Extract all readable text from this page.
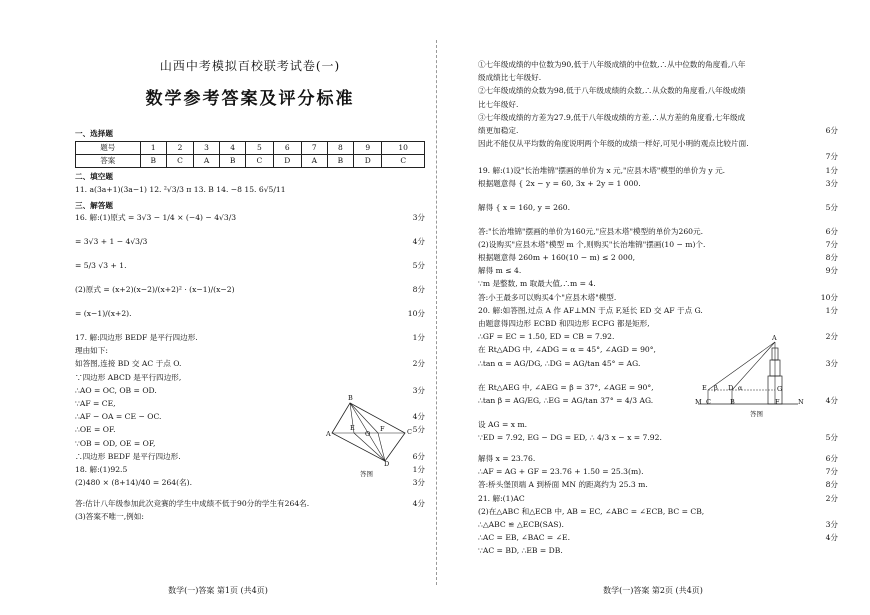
山西中考模拟百校联考试卷(一)
数学参考答案及评分标准
一、选择题
题号	1	2	3	4	5	6	7	8	9	10
答案	B	C	A	B	C	D	A	B	D	C
二、填空题
11. a(3a+1)(3a−1) 12. ²√3/3 π 13. B 14. −8 15. 6√5/11
三、解答题
16. 解:(1)原式 = 3√3 − 1/4 × (−4) − 4√3/3	3分
= 3√3 + 1 − 4√3/3	4分
= 5/3 √3 + 1.	5分
(2)原式 = (x+2)(x−2)/(x+2)² · (x−1)/(x−2)	8分
= (x−1)/(x+2).	10分
17. 解:四边形 BEDF 是平行四边形.	1分
理由如下:
如答图,连接 BD 交 AC 于点 O.	2分
∵四边形 ABCD 是平行四边形,
∴AO = OC, OB = OD.	3分
∵AF = CE,
∴AF − OA = CE − OC.	4分
∴OE = OF.	5分
∵OB = OD, OE = OF,
∴四边形 BEDF 是平行四边形.	6分
18. 解:(1)92.5	1分
(2)480 × (8+14)/40 = 264(名).	3分
答:估计八年级参加此次竞赛的学生中成绩不低于90分的学生有264名.	4分
(3)答案不唯一,例如:
B
A	C
D
E	F
O
答图
数学(一)答案 第1页 (共4页)
①七年级成绩的中位数为90,低于八年级成绩的中位数,∴从中位数的角度看,八年
级成绩比七年级好.
②七年级成绩的众数为98,低于八年级成绩的众数,∴从众数的角度看,八年级成绩
比七年级好.
③七年级成绩的方差为27.9,低于八年级成绩的方差,∴从方差的角度看,七年级成
绩更加稳定.	6分
因此不能仅从平均数的角度说明两个年级的成绩一样好,可见小明的观点比较片面.
7分
19. 解:(1)设"长治堆锦"摆画的单价为 x 元,"应县木塔"模型的单价为 y 元.	1分
根据题意得 { 2x − y = 60, 3x + 2y = 1 000.	3分
解得 { x = 160, y = 260.	5分
答:"长治堆锦"摆画的单价为160元,"应县木塔"模型的单价为260元.	6分
(2)设购买"应县木塔"模型 m 个,则购买"长治堆锦"摆画(10 − m)个.	7分
根据题意得 260m + 160(10 − m) ≤ 2 000,	8分
解得 m ≤ 4.	9分
∵m 是整数, m 取最大值,∴m = 4.
答:小王最多可以购买4个"应县木塔"模型.	10分
20. 解:如答图,过点 A 作 AF⊥MN 于点 F,延长 ED 交 AF 于点 G.	1分
由题意得四边形 ECBD 和四边形 ECFG 都是矩形,
∴GF = EC = 1.50, ED = CB = 7.92.	2分
在 Rt△ADG 中, ∠ADG = α = 45°, ∠AGD = 90°,
∴tan α = AG/DG, ∴DG = AG/tan 45° = AG.	3分
在 Rt△AEG 中, ∠AEG = β = 37°, ∠AGE = 90°,
∴tan β = AG/EG, ∴EG = AG/tan 37° = 4/3 AG.	4分
设 AG = x m.
∵ED = 7.92, EG − DG = ED, ∴ 4/3 x − x = 7.92.	5分
解得 x = 23.76.	6分
∴AF = AG + GF = 23.76 + 1.50 = 25.3(m).	7分
答:桥头堡顶端 A 到桥面 MN 的距离约为 25.3 m.	8分
21. 解:(1)AC	2分
(2)在△ABC 和△ECB 中, AB = EC, ∠ABC = ∠ECB, BC = CB,
∴△ABC ≌ △ECB(SAS).	3分
∴AC = EB, ∠BAC = ∠E.	4分
∵AC = BD, ∴EB = DB.
A
G
E	D
M C	B	F	N
α
β
答图
数学(一)答案 第2页 (共4页)
